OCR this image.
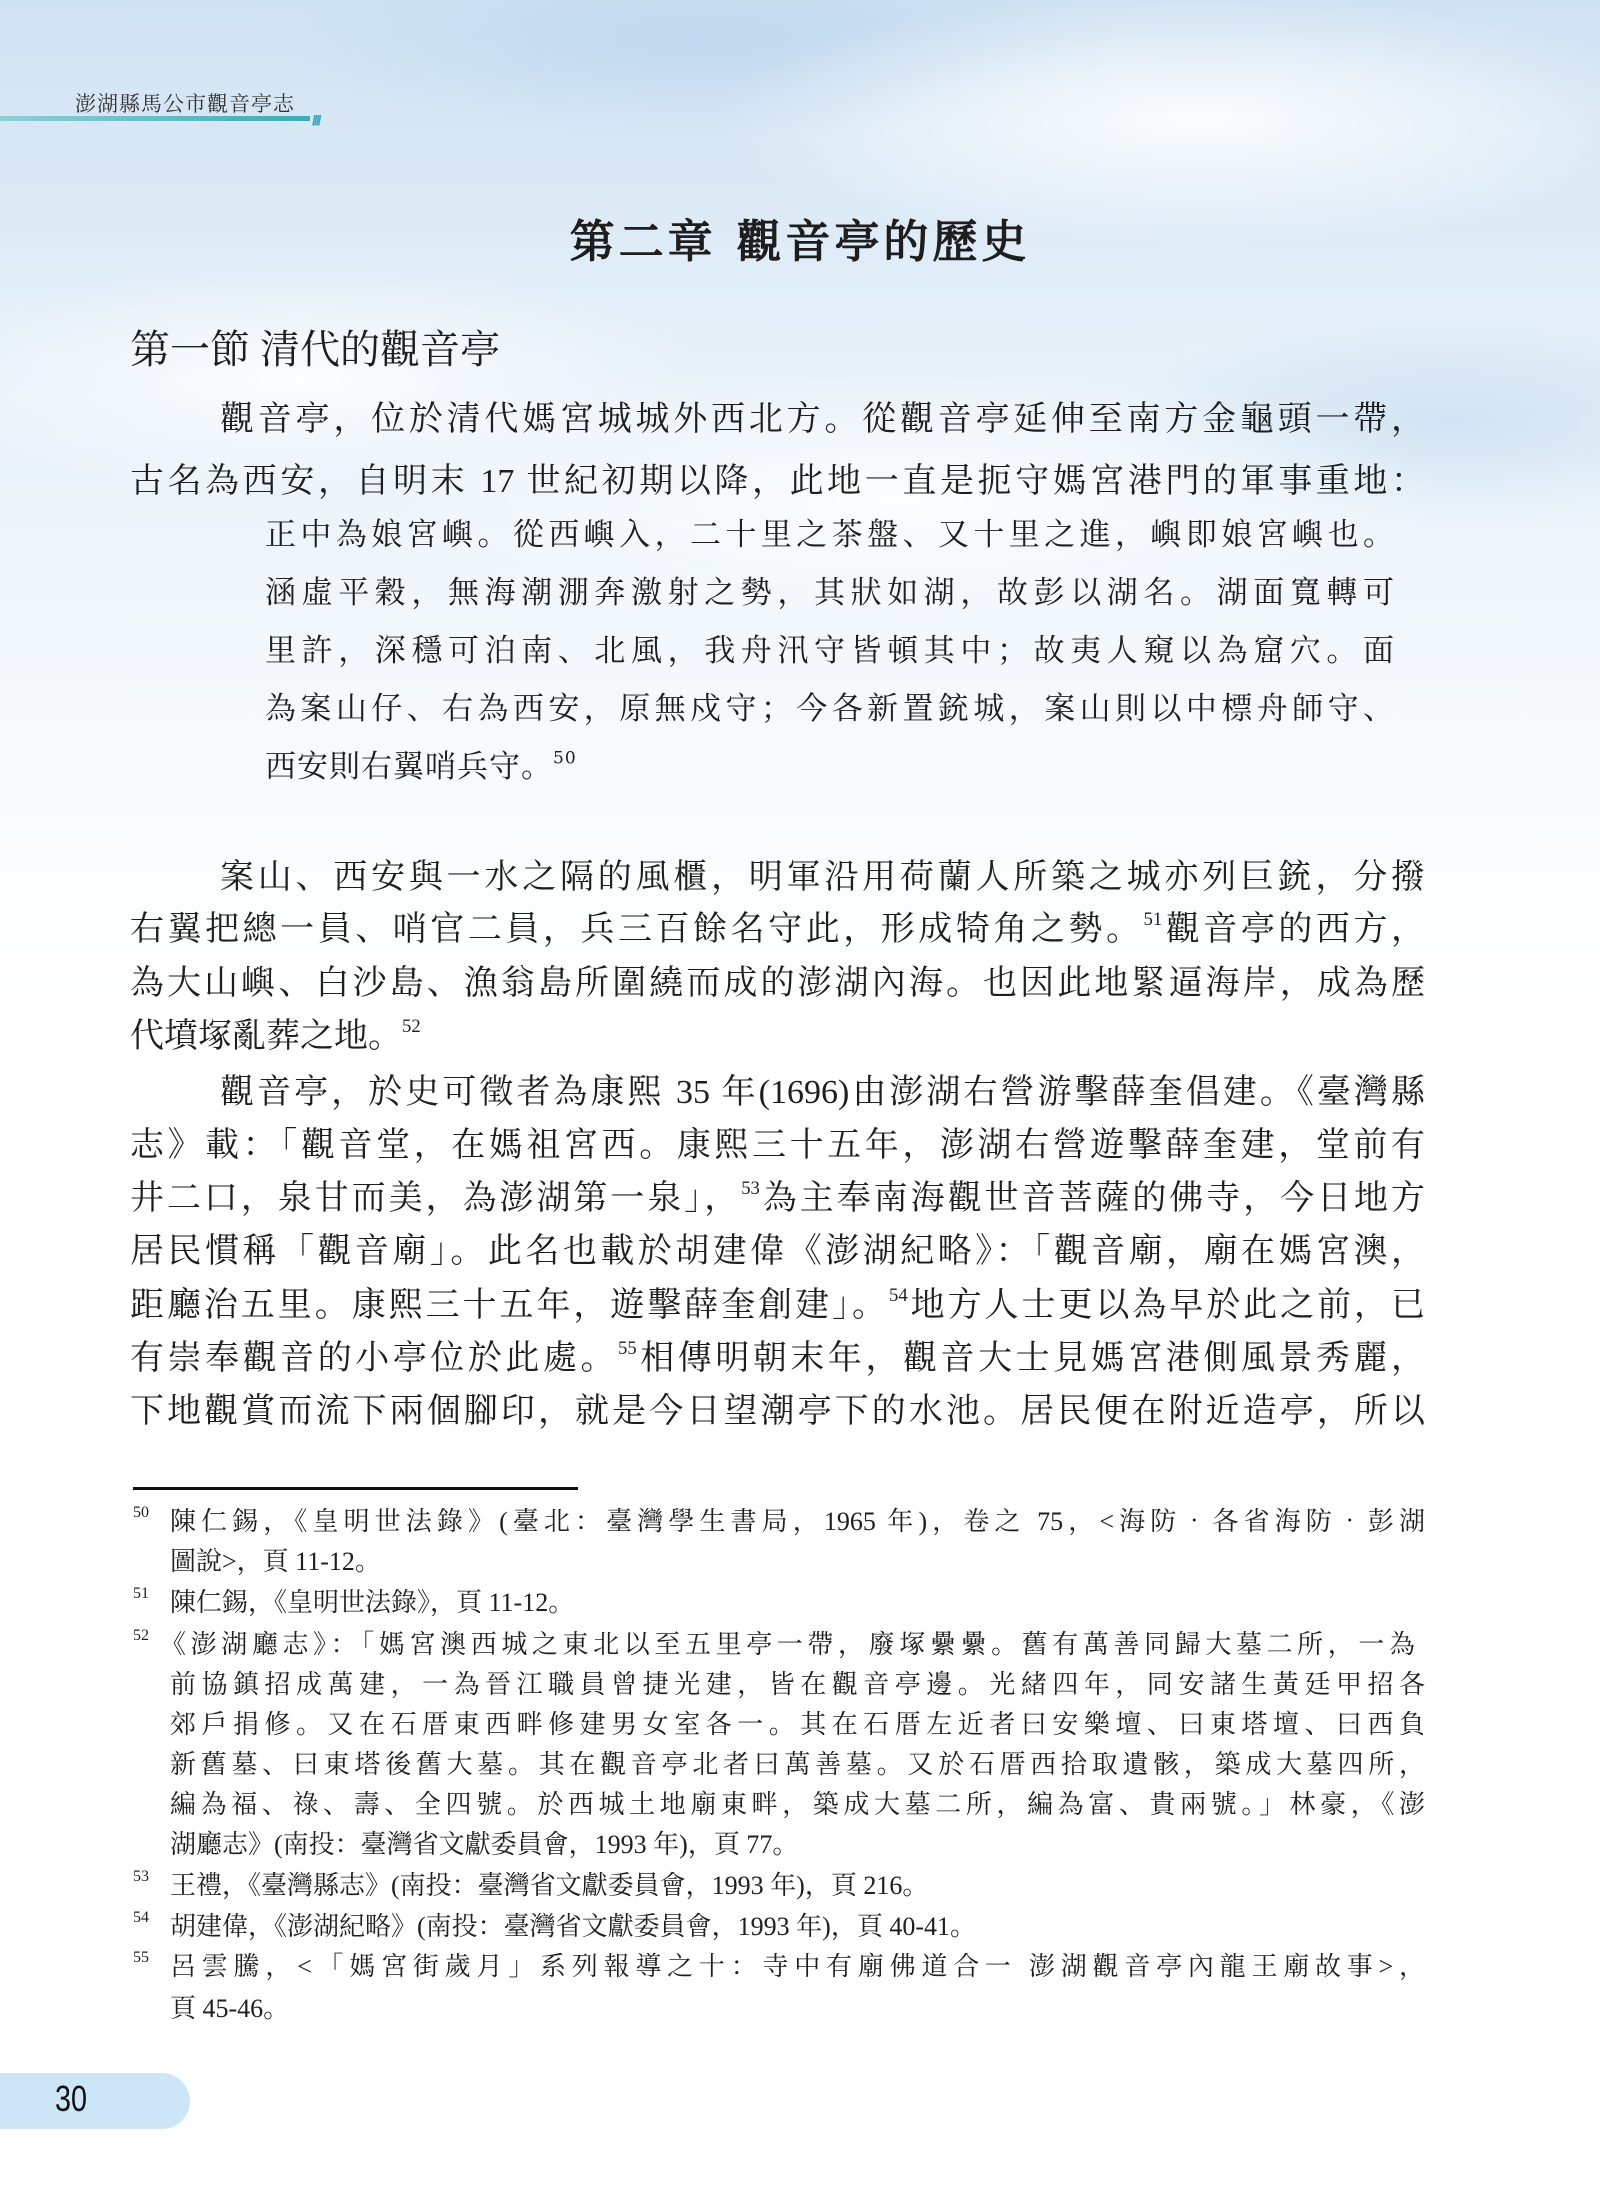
澎湖縣馬公市觀音亭志
////
第二章 觀音亭的歷史
第一節 清代的觀音亭
觀音亭，位於清代媽宮城城外西北方。從觀音亭延伸至南方金龜頭一帶，
古名為西安，自明末 17 世紀初期以降，此地一直是扼守媽宮港門的軍事重地：
正中為娘宮嶼。從西嶼入，二十里之茶盤、又十里之進，嶼即娘宮嶼也。
涵虛平穀，無海潮淜奔激射之勢，其狀如湖，故彭以湖名。湖面寬轉可
里許，深穩可泊南、北風，我舟汛守皆頓其中；故夷人窺以為窟穴。面
為案山仔、右為西安，原無戍守；今各新置銃城，案山則以中標舟師守、
西安則右翼哨兵守。$^{50}$
案山、西安與一水之隔的風櫃，明軍沿用荷蘭人所築之城亦列巨銃，分撥
右翼把總一員、哨官二員，兵三百餘名守此，形成犄角之勢。$^{51}$觀音亭的西方，
為大山嶼、白沙島、漁翁島所圍繞而成的澎湖內海。也因此地緊逼海岸，成為歷
代墳塚亂葬之地。$^{52}$
觀音亭，於史可徵者為康熙 35 年(1696)由澎湖右營游擊薛奎倡建。《臺灣縣
志》載：「觀音堂，在媽祖宮西。康熙三十五年，澎湖右營遊擊薛奎建，堂前有
井二口，泉甘而美，為澎湖第一泉」，$^{53}$為主奉南海觀世音菩薩的佛寺，今日地方
居民慣稱「觀音廟」。此名也載於胡建偉《澎湖紀略》：「觀音廟，廟在媽宮澳，
距廳治五里。康熙三十五年，遊擊薛奎創建」。$^{54}$地方人士更以為早於此之前，已
有崇奉觀音的小亭位於此處。$^{55}$相傳明朝末年，觀音大士見媽宮港側風景秀麗，
下地觀賞而流下兩個腳印，就是今日望潮亭下的水池。居民便在附近造亭，所以
50 陳仁錫，《皇明世法錄》(臺北：臺灣學生書局，1965 年)，卷之 75，<海防‧各省海防‧彭湖
圖說>，頁 11-12。
51 陳仁錫，《皇明世法錄》，頁 11-12。
52 《澎湖廳志》：「媽宮澳西城之東北以至五里亭一帶，廢塚纍纍。舊有萬善同歸大墓二所，一為
前協鎮招成萬建，一為晉江職員曾捷光建，皆在觀音亭邊。光緒四年，同安諸生黃廷甲招各
郊戶捐修。又在石厝東西畔修建男女室各一。其在石厝左近者曰安樂壇、曰東塔壇、曰西負
新舊墓、曰東塔後舊大墓。其在觀音亭北者曰萬善墓。又於石厝西拾取遺骸，築成大墓四所，
編為福、祿、壽、全四號。於西城土地廟東畔，築成大墓二所，編為富、貴兩號。」林豪，《澎
湖廳志》(南投：臺灣省文獻委員會，1993 年)，頁 77。
53 王禮，《臺灣縣志》(南投：臺灣省文獻委員會，1993 年)，頁 216。
54 胡建偉，《澎湖紀略》(南投：臺灣省文獻委員會，1993 年)，頁 40-41。
55 呂雲騰，<「媽宮街歲月」系列報導之十：寺中有廟佛道合一 澎湖觀音亭內龍王廟故事>，
頁 45-46。
30
